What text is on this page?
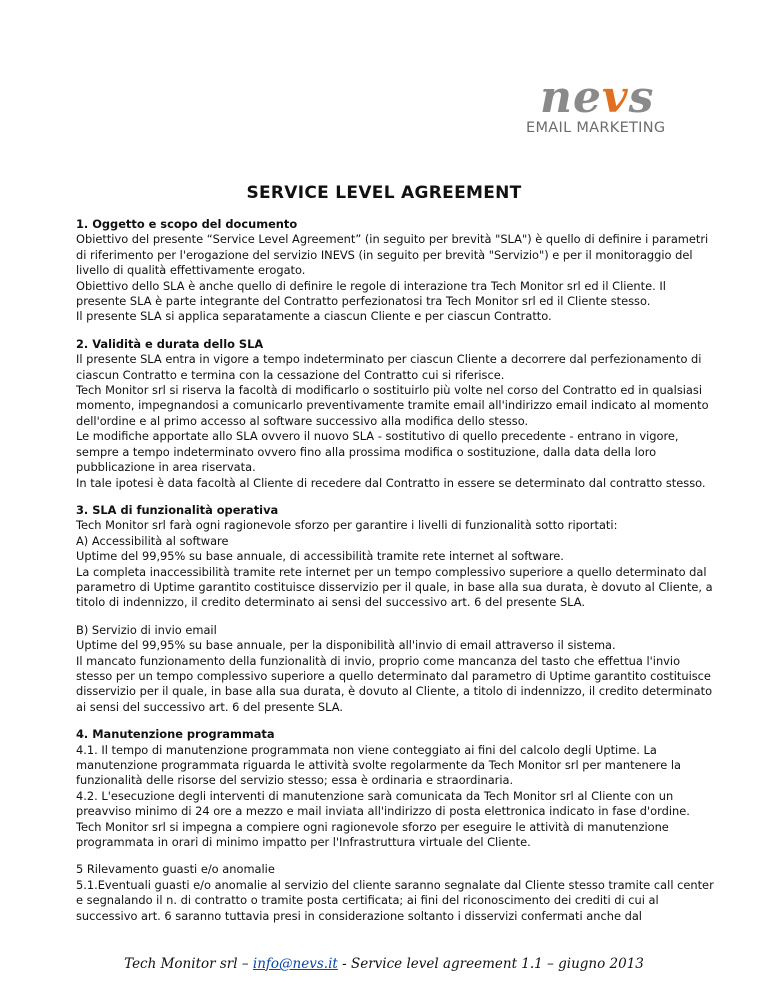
nevs
EMAIL MARKETING
SERVICE LEVEL AGREEMENT
1. Oggetto e scopo del documento

Obiettivo del presente “Service Level Agreement” (in seguito per brevità "SLA") è quello di definire i parametri di riferimento per l'erogazione del servizio INEVS (in seguito per brevità "Servizio") e per il monitoraggio del livello di qualità effettivamente erogato.

Obiettivo dello SLA è anche quello di definire le regole di interazione tra Tech Monitor srl ed il Cliente. Il presente SLA è parte integrante del Contratto perfezionatosi tra Tech Monitor srl ed il Cliente stesso.

Il presente SLA si applica separatamente a ciascun Cliente e per ciascun Contratto.

2. Validità e durata dello SLA

Il presente SLA entra in vigore a tempo indeterminato per ciascun Cliente a decorrere dal perfezionamento di ciascun Contratto e termina con la cessazione del Contratto cui si riferisce.

Tech Monitor srl si riserva la facoltà di modificarlo o sostituirlo più volte nel corso del Contratto ed in qualsiasi momento, impegnandosi a comunicarlo preventivamente tramite email all'indirizzo email indicato al momento dell'ordine e al primo accesso al software successivo alla modifica dello stesso.

Le modifiche apportate allo SLA ovvero il nuovo SLA - sostitutivo di quello precedente - entrano in vigore, sempre a tempo indeterminato ovvero fino alla prossima modifica o sostituzione, dalla data della loro pubblicazione in area riservata.

In tale ipotesi è data facoltà al Cliente di recedere dal Contratto in essere se determinato dal contratto stesso.

3. SLA di funzionalità operativa

Tech Monitor srl farà ogni ragionevole sforzo per garantire i livelli di funzionalità sotto riportati:

A) Accessibilità al software

Uptime del 99,95% su base annuale, di accessibilità tramite rete internet al software.

La completa inaccessibilità tramite rete internet per un tempo complessivo superiore a quello determinato dal parametro di Uptime garantito costituisce disservizio per il quale, in base alla sua durata, è dovuto al Cliente, a titolo di indennizzo, il credito determinato ai sensi del successivo art. 6 del presente SLA.

B) Servizio di invio email

Uptime del 99,95% su base annuale, per la disponibilità all'invio di email attraverso il sistema.

Il mancato funzionamento della funzionalità di invio, proprio come mancanza del tasto che effettua l'invio stesso per un tempo complessivo superiore a quello determinato dal parametro di Uptime garantito costituisce disservizio per il quale, in base alla sua durata, è dovuto al Cliente, a titolo di indennizzo, il credito determinato ai sensi del successivo art. 6 del presente SLA.

4. Manutenzione programmata

4.1. Il tempo di manutenzione programmata non viene conteggiato ai fini del calcolo degli Uptime. La manutenzione programmata riguarda le attività svolte regolarmente da Tech Monitor srl per mantenere la funzionalità delle risorse del servizio stesso; essa è ordinaria e straordinaria.

4.2. L'esecuzione degli interventi di manutenzione sarà comunicata da Tech Monitor srl al Cliente con un preavviso minimo di 24 ore a mezzo e mail inviata all'indirizzo di posta elettronica indicato in fase d'ordine. Tech Monitor srl si impegna a compiere ogni ragionevole sforzo per eseguire le attività di manutenzione programmata in orari di minimo impatto per l'Infrastruttura virtuale del Cliente.

5 Rilevamento guasti e/o anomalie

5.1.Eventuali guasti e/o anomalie al servizio del cliente saranno segnalate dal Cliente stesso tramite call center e segnalando il n. di contratto o tramite posta certificata; ai fini del riconoscimento dei crediti di cui al successivo art. 6 saranno tuttavia presi in considerazione soltanto i disservizi confermati anche dal

Tech Monitor srl – info@nevs.it - Service level agreement 1.1 – giugno 2013
